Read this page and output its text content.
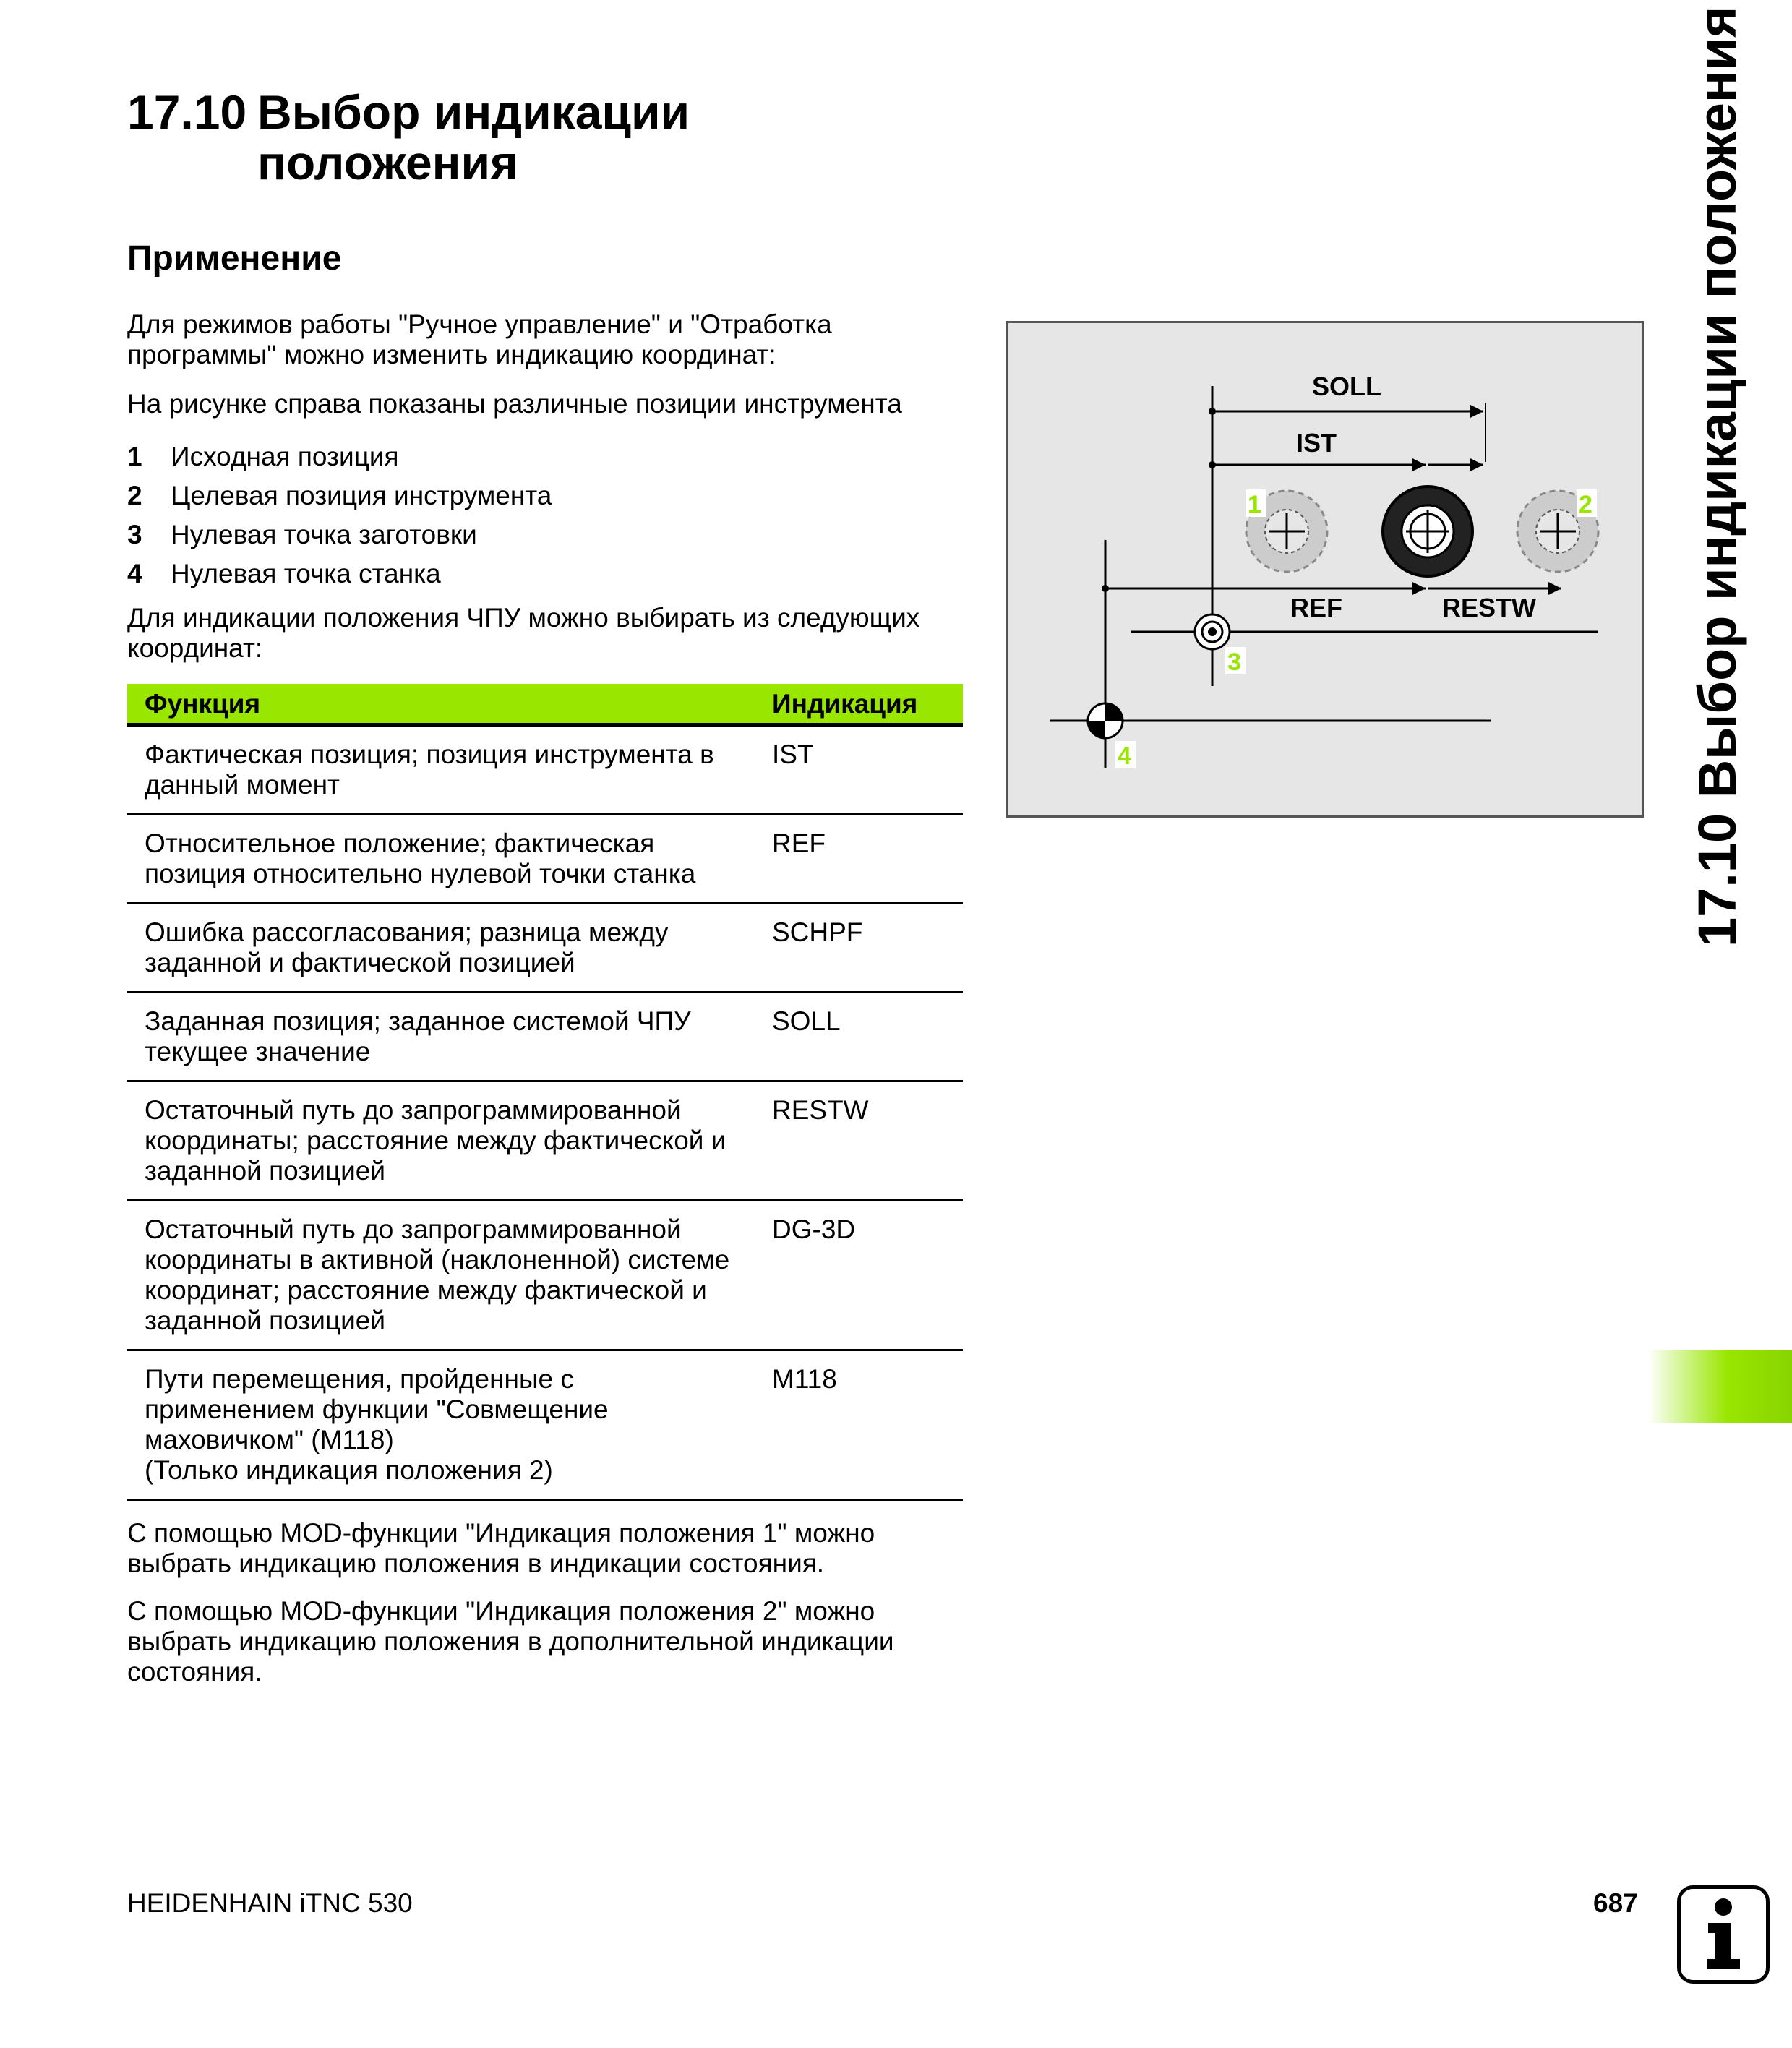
17.10 Выбор индикации
положения
Применение
Для режимов работы "Ручное управление" и "Отработка программы" можно изменить индикацию координат:
На рисунке справа показаны различные позиции инструмента
1	Исходная позиция
2	Целевая позиция инструмента
3	Нулевая точка заготовки
4	Нулевая точка станка
Для индикации положения ЧПУ можно выбирать из следующих координат:
Функция	Индикация

Фактическая позиция; позиция инструмента в
данный момент	IST

Относительное положение; фактическая
позиция относительно нулевой точки станка	REF

Ошибка рассогласования; разница между
заданной и фактической позицией	SCHPF

Заданная позиция; заданное системой ЧПУ
текущее значение	SOLL

Остаточный путь до запрограммированной
координаты; расстояние между фактической и
заданной позицией	RESTW

Остаточный путь до запрограммированной
координаты в активной (наклоненной) системе
координат; расстояние между фактической и
заданной позицией	DG-3D

Пути перемещения, пройденные с
применением функции "Совмещение
маховичком" (M118)
(Только индикация положения 2)	M118
С помощью MOD-функции "Индикация положения 1" можно выбрать индикацию положения в индикации состояния.
С помощью MOD-функции "Индикация положения 2" можно выбрать индикацию положения в дополнительной индикации состояния.
SOLL
IST
REF	RESTW
1	2
3
4	17.10 Выбор индикации положения
HEIDENHAIN iTNC 530	687
